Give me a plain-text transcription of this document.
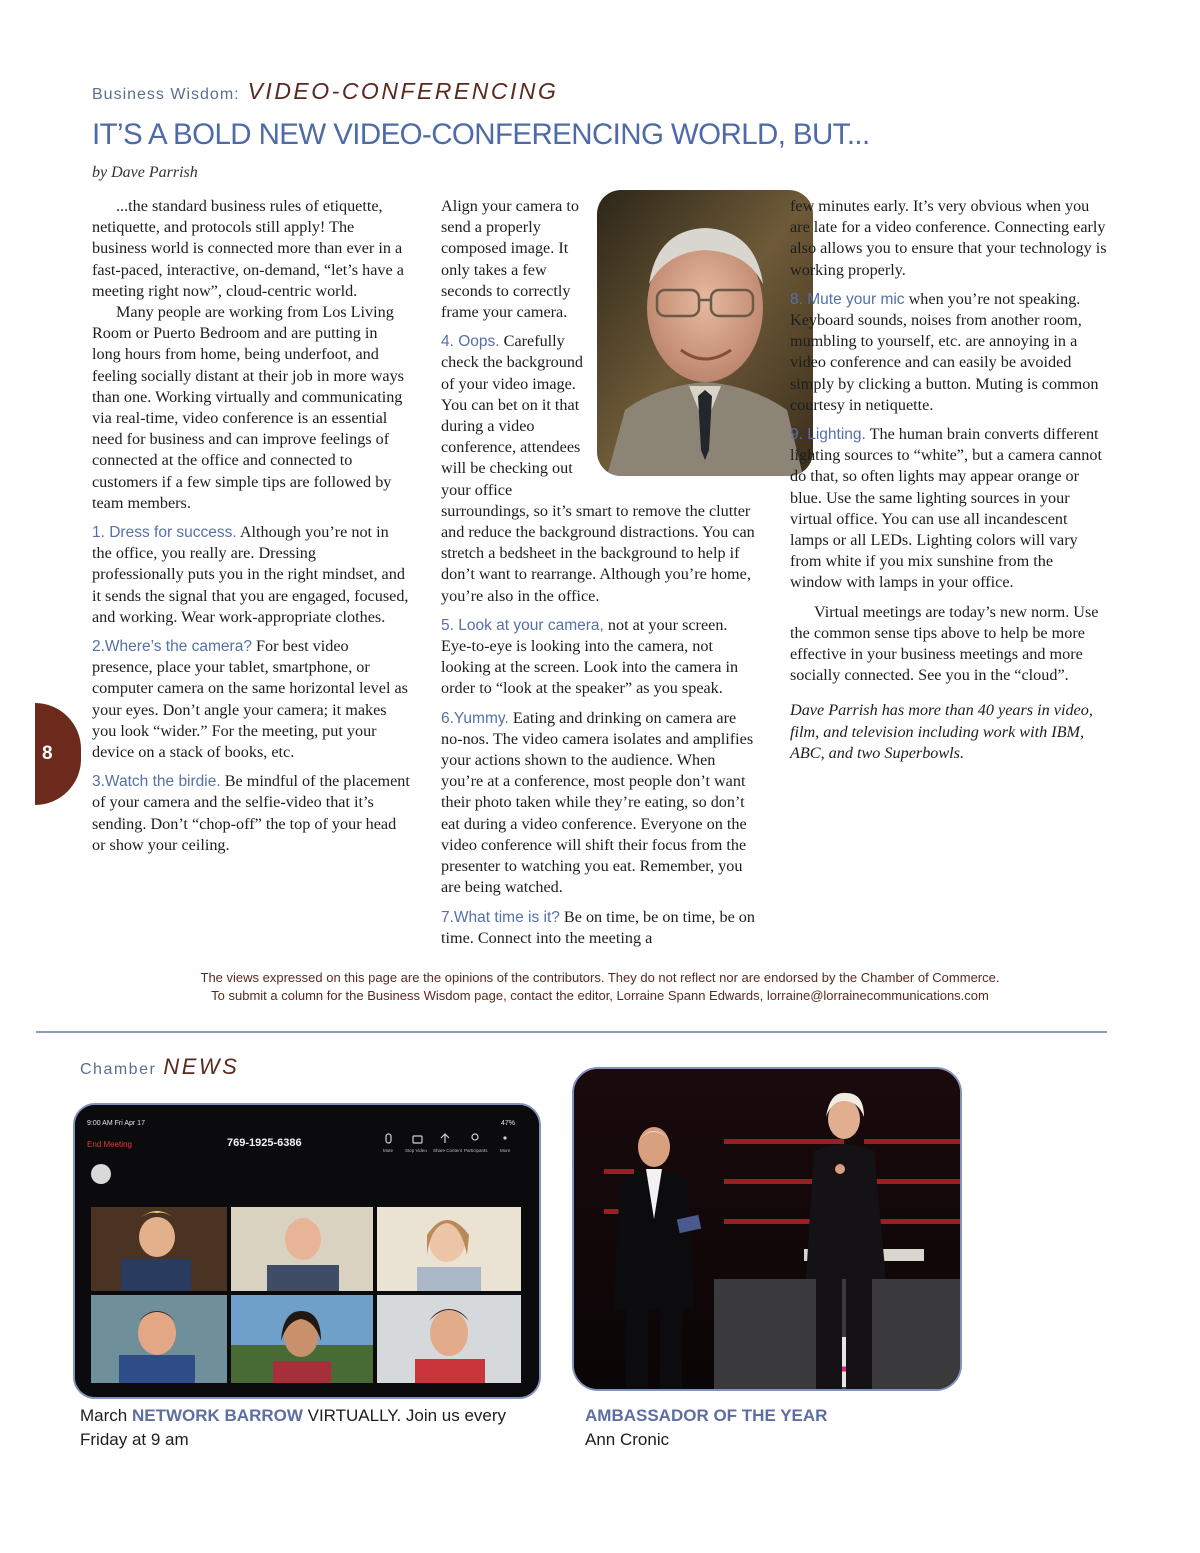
Business Wisdom: VIDEO-CONFERENCING
IT’S A BOLD NEW VIDEO-CONFERENCING WORLD, BUT...
by Dave Parrish

...the standard business rules of etiquette, netiquette, and protocols still apply! The business world is connected more than ever in a fast-paced, interactive, on-demand, “let’s have a meeting right now”, cloud-centric world.

Many people are working from Los Living Room or Puerto Bedroom and are putting in long hours from home, being underfoot, and feeling socially distant at their job in more ways than one. Working virtually and communicating via real-time, video conference is an essential need for business and can improve feelings of connected at the office and connected to customers if a few simple tips are followed by team members.

1. Dress for success. Although you’re not in the office, you really are. Dressing professionally puts you in the right mindset, and it sends the signal that you are engaged, focused, and working. Wear work-appropriate clothes.

2.Where’s the camera? For best video presence, place your tablet, smartphone, or computer camera on the same horizontal level as your eyes. Don’t angle your camera; it makes you look “wider.” For the meeting, put your device on a stack of books, etc.

3.Watch the birdie. Be mindful of the placement of your camera and the selfie-video that it’s sending. Don’t “chop-off” the top of your head or show your ceiling.

Align your camera to send a properly composed image. It only takes a few seconds to correctly frame your camera.

4. Oops. Carefully check the background of your video image. You can bet on it that during a video conference, attendees will be checking out your office surroundings, so it’s smart to remove the clutter and reduce the background distractions. You can stretch a bedsheet in the background to help if don’t want to rearrange. Although you’re home, you’re also in the office.

5. Look at your camera, not at your screen. Eye-to-eye is looking into the camera, not looking at the screen. Look into the camera in order to “look at the speaker” as you speak.

6.Yummy. Eating and drinking on camera are no-nos. The video camera isolates and amplifies your actions shown to the audience. When you’re at a conference, most people don’t want their photo taken while they’re eating, so don’t eat during a video conference. Everyone on the video conference will shift their focus from the presenter to watching you eat. Remember, you are being watched.

7.What time is it? Be on time, be on time, be on time. Connect into the meeting a

few minutes early. It’s very obvious when you are late for a video conference. Connecting early also allows you to ensure that your technology is working properly.

8. Mute your mic when you’re not speaking. Keyboard sounds, noises from another room, mumbling to yourself, etc. are annoying in a video conference and can easily be avoided simply by clicking a button. Muting is common courtesy in netiquette.

9. Lighting. The human brain converts different lighting sources to “white”, but a camera cannot do that, so often lights may appear orange or blue. Use the same lighting sources in your virtual office. You can use all incandescent lamps or all LEDs. Lighting colors will vary from white if you mix sunshine from the window with lamps in your office.

Virtual meetings are today’s new norm. Use the common sense tips above to help be more effective in your business meetings and more socially connected. See you in the “cloud”.

Dave Parrish has more than 40 years in video, film, and television including work with IBM, ABC, and two Superbowls.

8
The views expressed on this page are the opinions of the contributors. They do not reflect nor are endorsed by the Chamber of Commerce.
To submit a column for the Business Wisdom page, contact the editor, Lorraine Spann Edwards, lorraine@lorrainecommunications.com
Chamber NEWS
9:00 AM Fri Apr 17	47%
End Meeting	769-1925-6386
Mute	Stop Video Share Content Participants	More
March NETWORK BARROW VIRTUALLY. Join us every Friday at 9 am
AMBASSADOR OF THE YEAR
Ann Cronic
